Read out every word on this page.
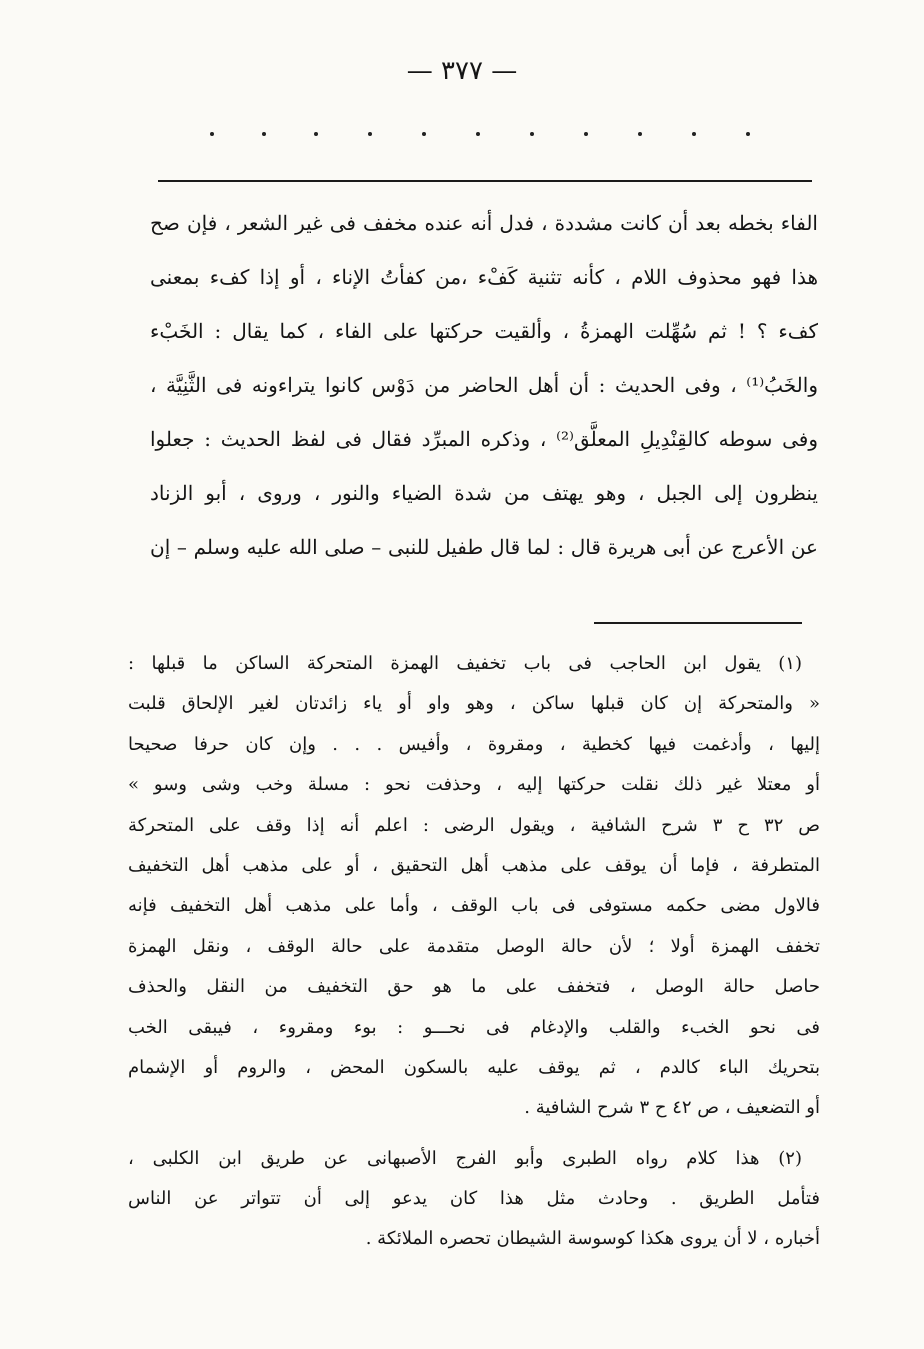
— ٣٧٧ —
الفاء بخطه بعد أن كانت مشددة ، فدل أنه عنده مخفف فى غير الشعر ، فإن صح
هذا فهو محذوف اللام ، كأنه تثنية كَفْء ،من كفأتُ الإناء ، أو إذا كفء بمعنى
كفء ؟ ! ثم سُهِّلت الهمزةُ ، وألقيت حركتها على الفاء ، كما يقال : الخَبْء
والخَبُ⁽¹⁾ ، وفى الحديث : أن أهل الحاضر من دَوْس كانوا يتراءونه فى الثَّنِيَّة ،
وفى سوطه كالقِنْدِيلِ المعلَّق⁽²⁾ ، وذكره المبرِّد فقال فى لفظ الحديث : جعلوا
ينظرون إلى الجبل ، وهو يهتف من شدة الضياء والنور ، وروى ، أبو الزناد
عن الأعرج عن أبى هريرة قال : لما قال طفيل للنبى – صلى الله عليه وسلم – إن
(١) يقول ابن الحاجب فى باب تخفيف الهمزة المتحركة الساكن ما قبلها :
« والمتحركة إن كان قبلها ساكن ، وهو واو أو ياء زائدتان لغير الإلحاق قلبت
إليها ، وأدغمت فيها كخطية ، ومقروة ، وأفيس . . . وإن كان حرفا صحيحا
أو معتلا غير ذلك نقلت حركتها إليه ، وحذفت نحو : مسلة وخب وشى وسو »
ص ٣٢ ح ٣ شرح الشافية ، ويقول الرضى : اعلم أنه إذا وقف على المتحركة
المتطرفة ، فإما أن يوقف على مذهب أهل التحقيق ، أو على مذهب أهل التخفيف
فالاول مضى حكمه مستوفى فى باب الوقف ، وأما على مذهب أهل التخفيف فإنه
تخفف الهمزة أولا ؛ لأن حالة الوصل متقدمة على حالة الوقف ، ونقل الهمزة
حاصل حالة الوصل ، فتخفف على ما هو حق التخفيف من النقل والحذف
فى نحو الخبء والقلب والإدغام فى نحـــو : بوء ومقروء ، فيبقى الخب
بتحريك الباء كالدم ، ثم يوقف عليه بالسكون المحض ، والروم أو الإشمام
أو التضعيف ، ص ٤٢ ح ٣ شرح الشافية .
(٢) هذا كلام رواه الطبرى وأبو الفرج الأصبهانى عن طريق ابن الكلبى ،
فتأمل الطريق . وحادث مثل هذا كان يدعو إلى أن تتواتر عن الناس
أخباره ، لا أن يروى هكذا كوسوسة الشيطان تحصره الملائكة .
